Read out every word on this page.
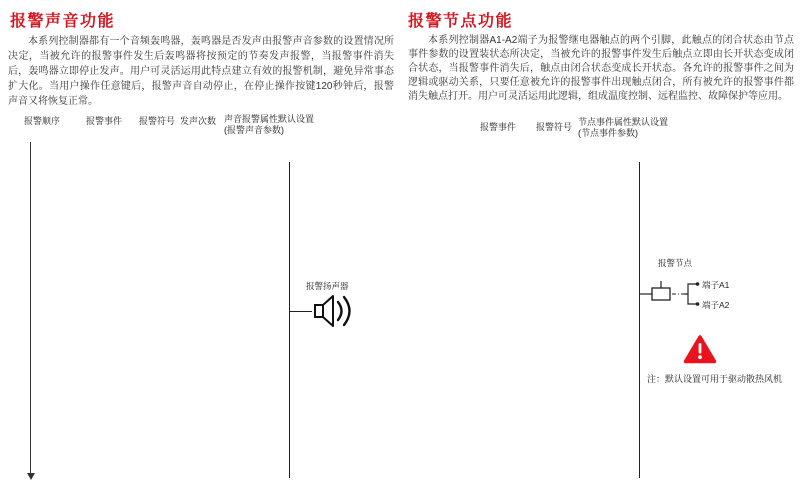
报警声音功能
本系列控制器都有一个音频轰鸣器，轰鸣器是否发声由报警声音参数的设置情况所决定，当被允许的报警事件发生后轰鸣器将按预定的节奏发声报警，当报警事件消失后，轰鸣器立即停止发声。用户可灵活运用此特点建立有效的报警机制，避免异常事态扩大化。当用户操作任意键后，报警声音自动停止，在停止操作按键120秒钟后，报警声音又将恢复正常。
报警顺序	报警事件 报警符号 发声次数 声音报警属性默认设置
(报警声音参数)
报警扬声器
报警节点功能
本系列控制器A1-A2端子为报警继电器触点的两个引脚，此触点的闭合状态由节点事件参数的设置装状态所决定，当被允许的报警事件发生后触点立即由长开状态变成闭合状态，当报警事件消失后，触点由闭合状态变成长开状态。各允许的报警事件之间为逻辑或驱动关系，只要任意被允许的报警事件出现触点闭合，所有被允许的报警事件都消失触点打开。用户可灵活运用此逻辑，组成温度控制、远程监控、故障保护等应用。
报警事件 报警符号 节点事件属性默认设置
(节点事件参数)
报警节点
端子A1
端子A2
注：默认设置可用于驱动散热风机
